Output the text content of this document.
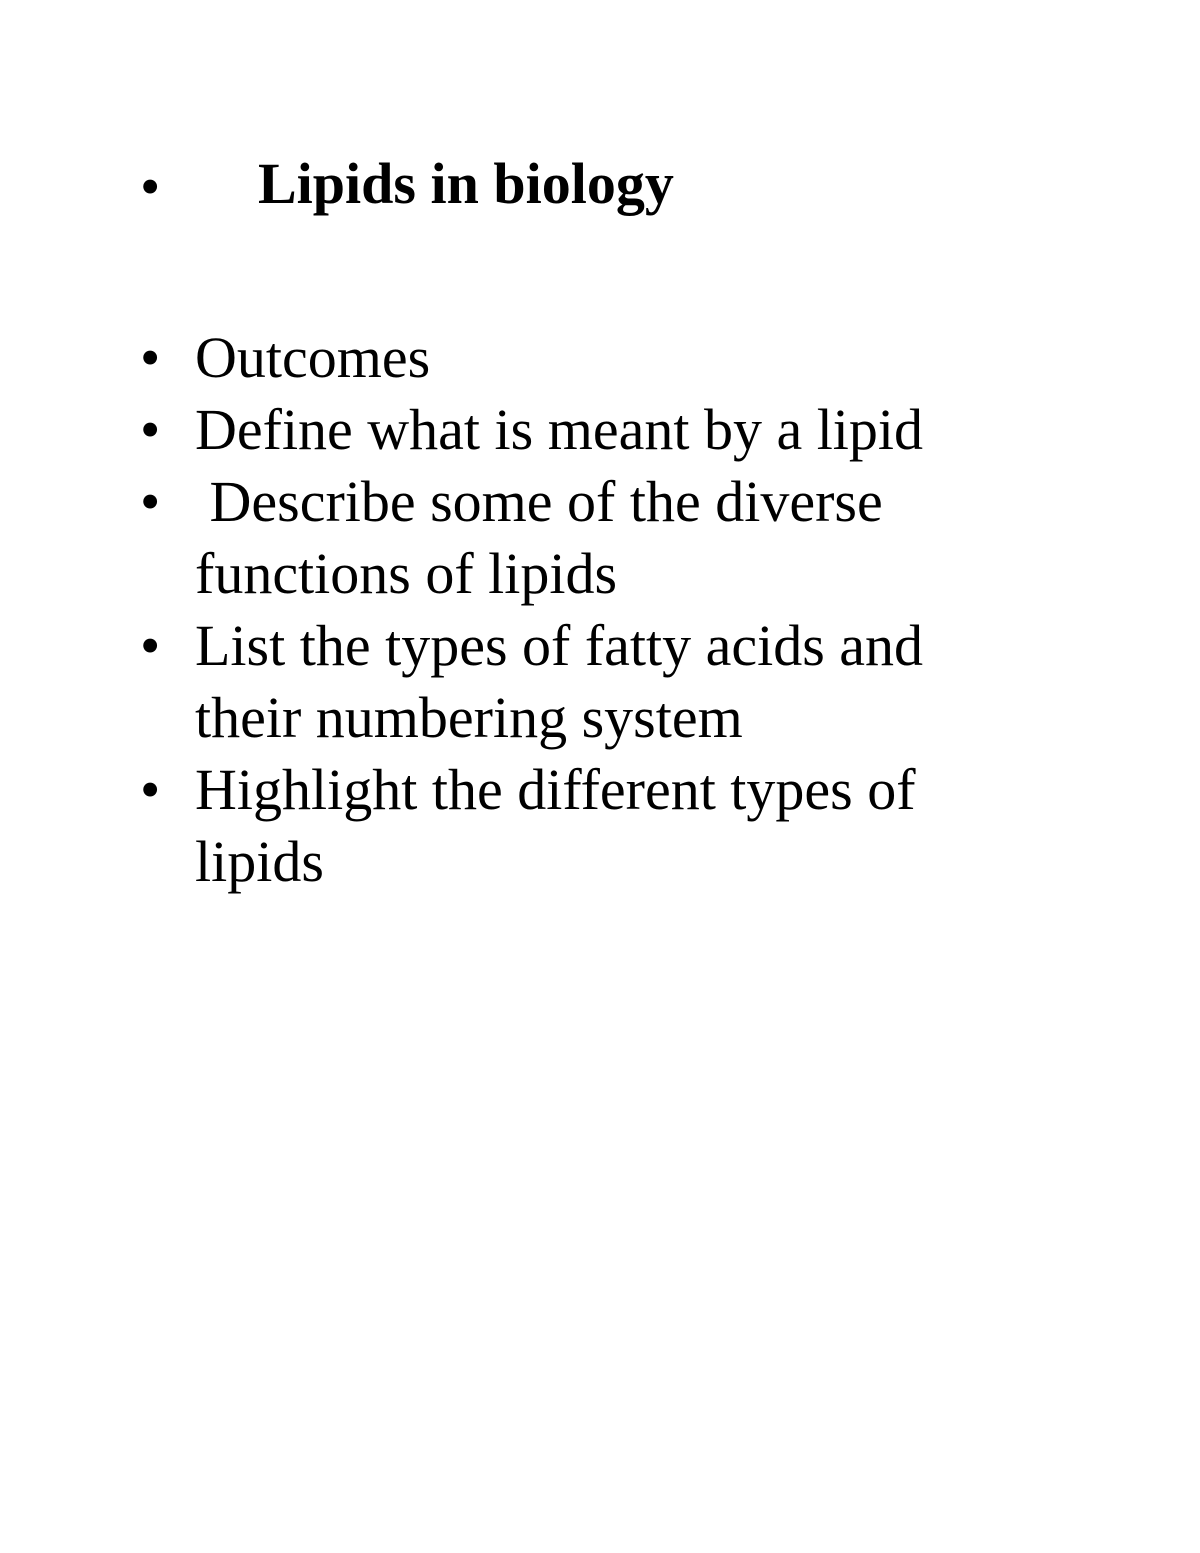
• Lipids in biology
• Outcomes
• Define what is meant by a lipid
• Describe some of the diverse functions of lipids
• List the types of fatty acids and their numbering system
• Highlight the different types of lipids
